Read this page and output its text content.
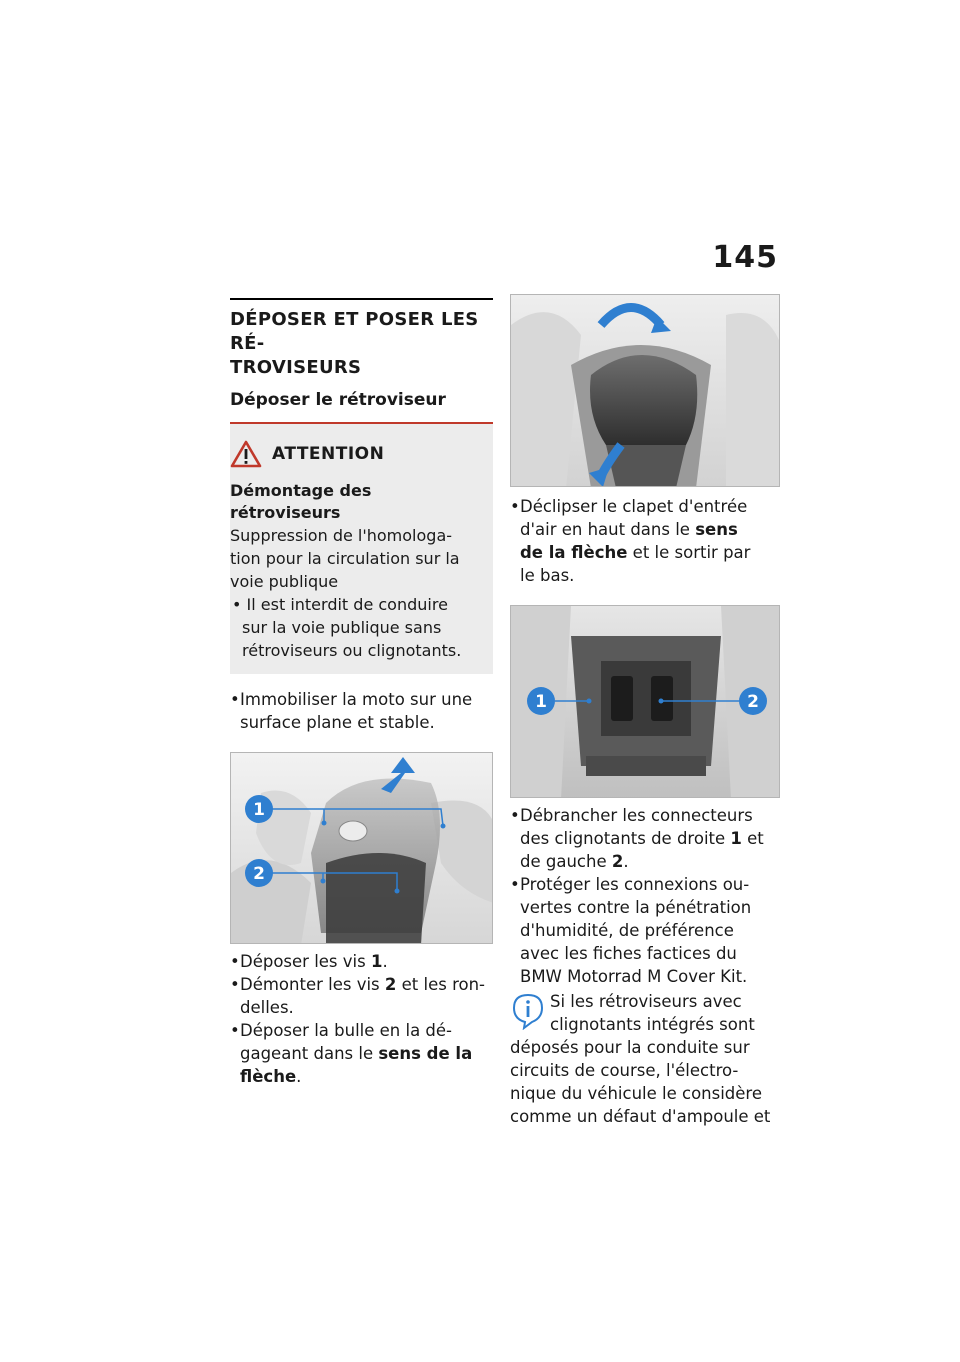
145
DÉPOSER ET POSER LES RÉ-
TROVISEURS
Déposer le rétroviseur
ATTENTION
Démontage des rétroviseurs
Suppression de l'homologa-
tion pour la circulation sur la
voie publique
• Il est interdit de conduire
sur la voie publique sans
rétroviseurs ou clignotants.
• Immobiliser la moto sur une
surface plane et stable.
1
2
• Déposer les vis 1.
• Démonter les vis 2 et les ron-
delles.
• Déposer la bulle en la dé-
gageant dans le sens de la
flèche.
• Déclipser le clapet d'entrée
d'air en haut dans le sens
de la flèche et le sortir par
le bas.
1	2
• Débrancher les connecteurs
des clignotants de droite 1 et
de gauche 2.
• Protéger les connexions ou-
vertes contre la pénétration
d'humidité, de préférence
avec les fiches factices du
BMW Motorrad M Cover Kit.
Si les rétroviseurs avec
clignotants intégrés sont
déposés pour la conduite sur
circuits de course, l'électro-
nique du véhicule le considère
comme un défaut d'ampoule et
